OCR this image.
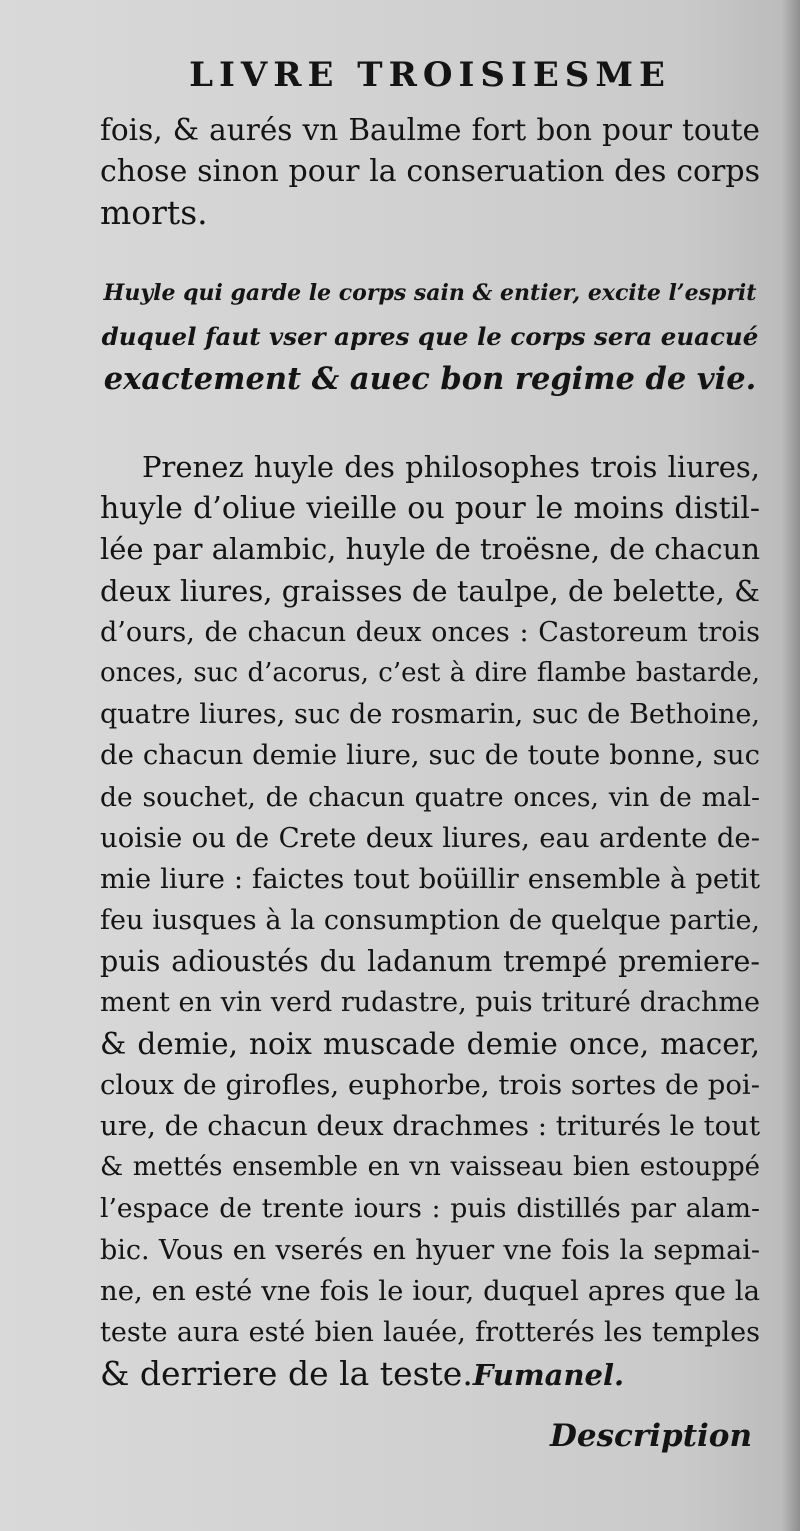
LIVRE TROISIESME
fois, & aurés vn Baulme fort bon pour toute
chose sinon pour la conseruation des corps
morts.
Huyle qui garde le corps sain & entier, excite l’esprit
duquel faut vser apres que le corps sera euacué
exactement & auec bon regime de vie.
Prenez huyle des philosophes trois liures,
huyle d’oliue vieille ou pour le moins distil-
lée par alambic, huyle de troësne, de chacun
deux liures, graisses de taulpe, de belette, &
d’ours, de chacun deux onces : Castoreum trois
onces, suc d’acorus, c’est à dire flambe bastarde,
quatre liures, suc de rosmarin, suc de Bethoine,
de chacun demie liure, suc de toute bonne, suc
de souchet, de chacun quatre onces, vin de mal-
uoisie ou de Crete deux liures, eau ardente de-
mie liure : faictes tout boüillir ensemble à petit
feu iusques à la consumption de quelque partie,
puis adioustés du ladanum trempé premiere-
ment en vin verd rudastre, puis trituré drachme
& demie, noix muscade demie once, macer,
cloux de girofles, euphorbe, trois sortes de poi-
ure, de chacun deux drachmes : triturés le tout
& mettés ensemble en vn vaisseau bien estouppé
l’espace de trente iours : puis distillés par alam-
bic. Vous en vserés en hyuer vne fois la sepmai-
ne, en esté vne fois le iour, duquel apres que la
teste aura esté bien lauée, frotterés les temples
& derriere de la teste.Fumanel.
Description
